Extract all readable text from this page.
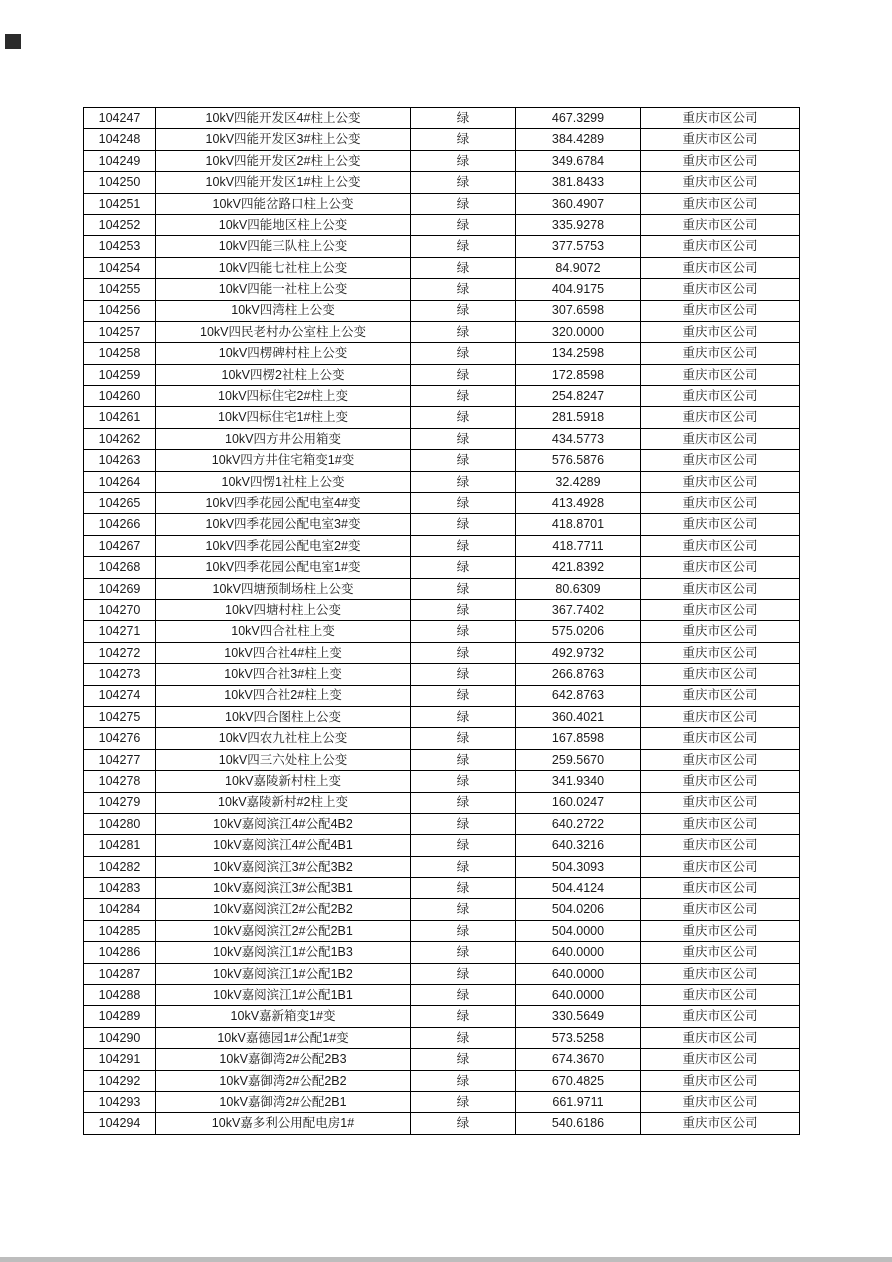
104247	10kV四能开发区4#柱上公变	绿	467.3299	重庆市区公司
104248	10kV四能开发区3#柱上公变	绿	384.4289	重庆市区公司
104249	10kV四能开发区2#柱上公变	绿	349.6784	重庆市区公司
104250	10kV四能开发区1#柱上公变	绿	381.8433	重庆市区公司
104251	10kV四能岔路口柱上公变	绿	360.4907	重庆市区公司
104252	10kV四能地区柱上公变	绿	335.9278	重庆市区公司
104253	10kV四能三队柱上公变	绿	377.5753	重庆市区公司
104254	10kV四能七社柱上公变	绿	84.9072	重庆市区公司
104255	10kV四能一社柱上公变	绿	404.9175	重庆市区公司
104256	10kV四湾柱上公变	绿	307.6598	重庆市区公司
104257	10kV四民老村办公室柱上公变	绿	320.0000	重庆市区公司
104258	10kV四楞碑村柱上公变	绿	134.2598	重庆市区公司
104259	10kV四楞2社柱上公变	绿	172.8598	重庆市区公司
104260	10kV四标住宅2#柱上变	绿	254.8247	重庆市区公司
104261	10kV四标住宅1#柱上变	绿	281.5918	重庆市区公司
104262	10kV四方井公用箱变	绿	434.5773	重庆市区公司
104263	10kV四方井住宅箱变1#变	绿	576.5876	重庆市区公司
104264	10kV四愣1社柱上公变	绿	32.4289	重庆市区公司
104265	10kV四季花园公配电室4#变	绿	413.4928	重庆市区公司
104266	10kV四季花园公配电室3#变	绿	418.8701	重庆市区公司
104267	10kV四季花园公配电室2#变	绿	418.7711	重庆市区公司
104268	10kV四季花园公配电室1#变	绿	421.8392	重庆市区公司
104269	10kV四塘预制场柱上公变	绿	80.6309	重庆市区公司
104270	10kV四塘村柱上公变	绿	367.7402	重庆市区公司
104271	10kV四合社柱上变	绿	575.0206	重庆市区公司
104272	10kV四合社4#柱上变	绿	492.9732	重庆市区公司
104273	10kV四合社3#柱上变	绿	266.8763	重庆市区公司
104274	10kV四合社2#柱上变	绿	642.8763	重庆市区公司
104275	10kV四合图柱上公变	绿	360.4021	重庆市区公司
104276	10kV四农九社柱上公变	绿	167.8598	重庆市区公司
104277	10kV四三六处柱上公变	绿	259.5670	重庆市区公司
104278	10kV嘉陵新村柱上变	绿	341.9340	重庆市区公司
104279	10kV嘉陵新村#2柱上变	绿	160.0247	重庆市区公司
104280	10kV嘉阅滨江4#公配4B2	绿	640.2722	重庆市区公司
104281	10kV嘉阅滨江4#公配4B1	绿	640.3216	重庆市区公司
104282	10kV嘉阅滨江3#公配3B2	绿	504.3093	重庆市区公司
104283	10kV嘉阅滨江3#公配3B1	绿	504.4124	重庆市区公司
104284	10kV嘉阅滨江2#公配2B2	绿	504.0206	重庆市区公司
104285	10kV嘉阅滨江2#公配2B1	绿	504.0000	重庆市区公司
104286	10kV嘉阅滨江1#公配1B3	绿	640.0000	重庆市区公司
104287	10kV嘉阅滨江1#公配1B2	绿	640.0000	重庆市区公司
104288	10kV嘉阅滨江1#公配1B1	绿	640.0000	重庆市区公司
104289	10kV嘉新箱变1#变	绿	330.5649	重庆市区公司
104290	10kV嘉德园1#公配1#变	绿	573.5258	重庆市区公司
104291	10kV嘉御湾2#公配2B3	绿	674.3670	重庆市区公司
104292	10kV嘉御湾2#公配2B2	绿	670.4825	重庆市区公司
104293	10kV嘉御湾2#公配2B1	绿	661.9711	重庆市区公司
104294	10kV嘉多利公用配电房1#	绿	540.6186	重庆市区公司
